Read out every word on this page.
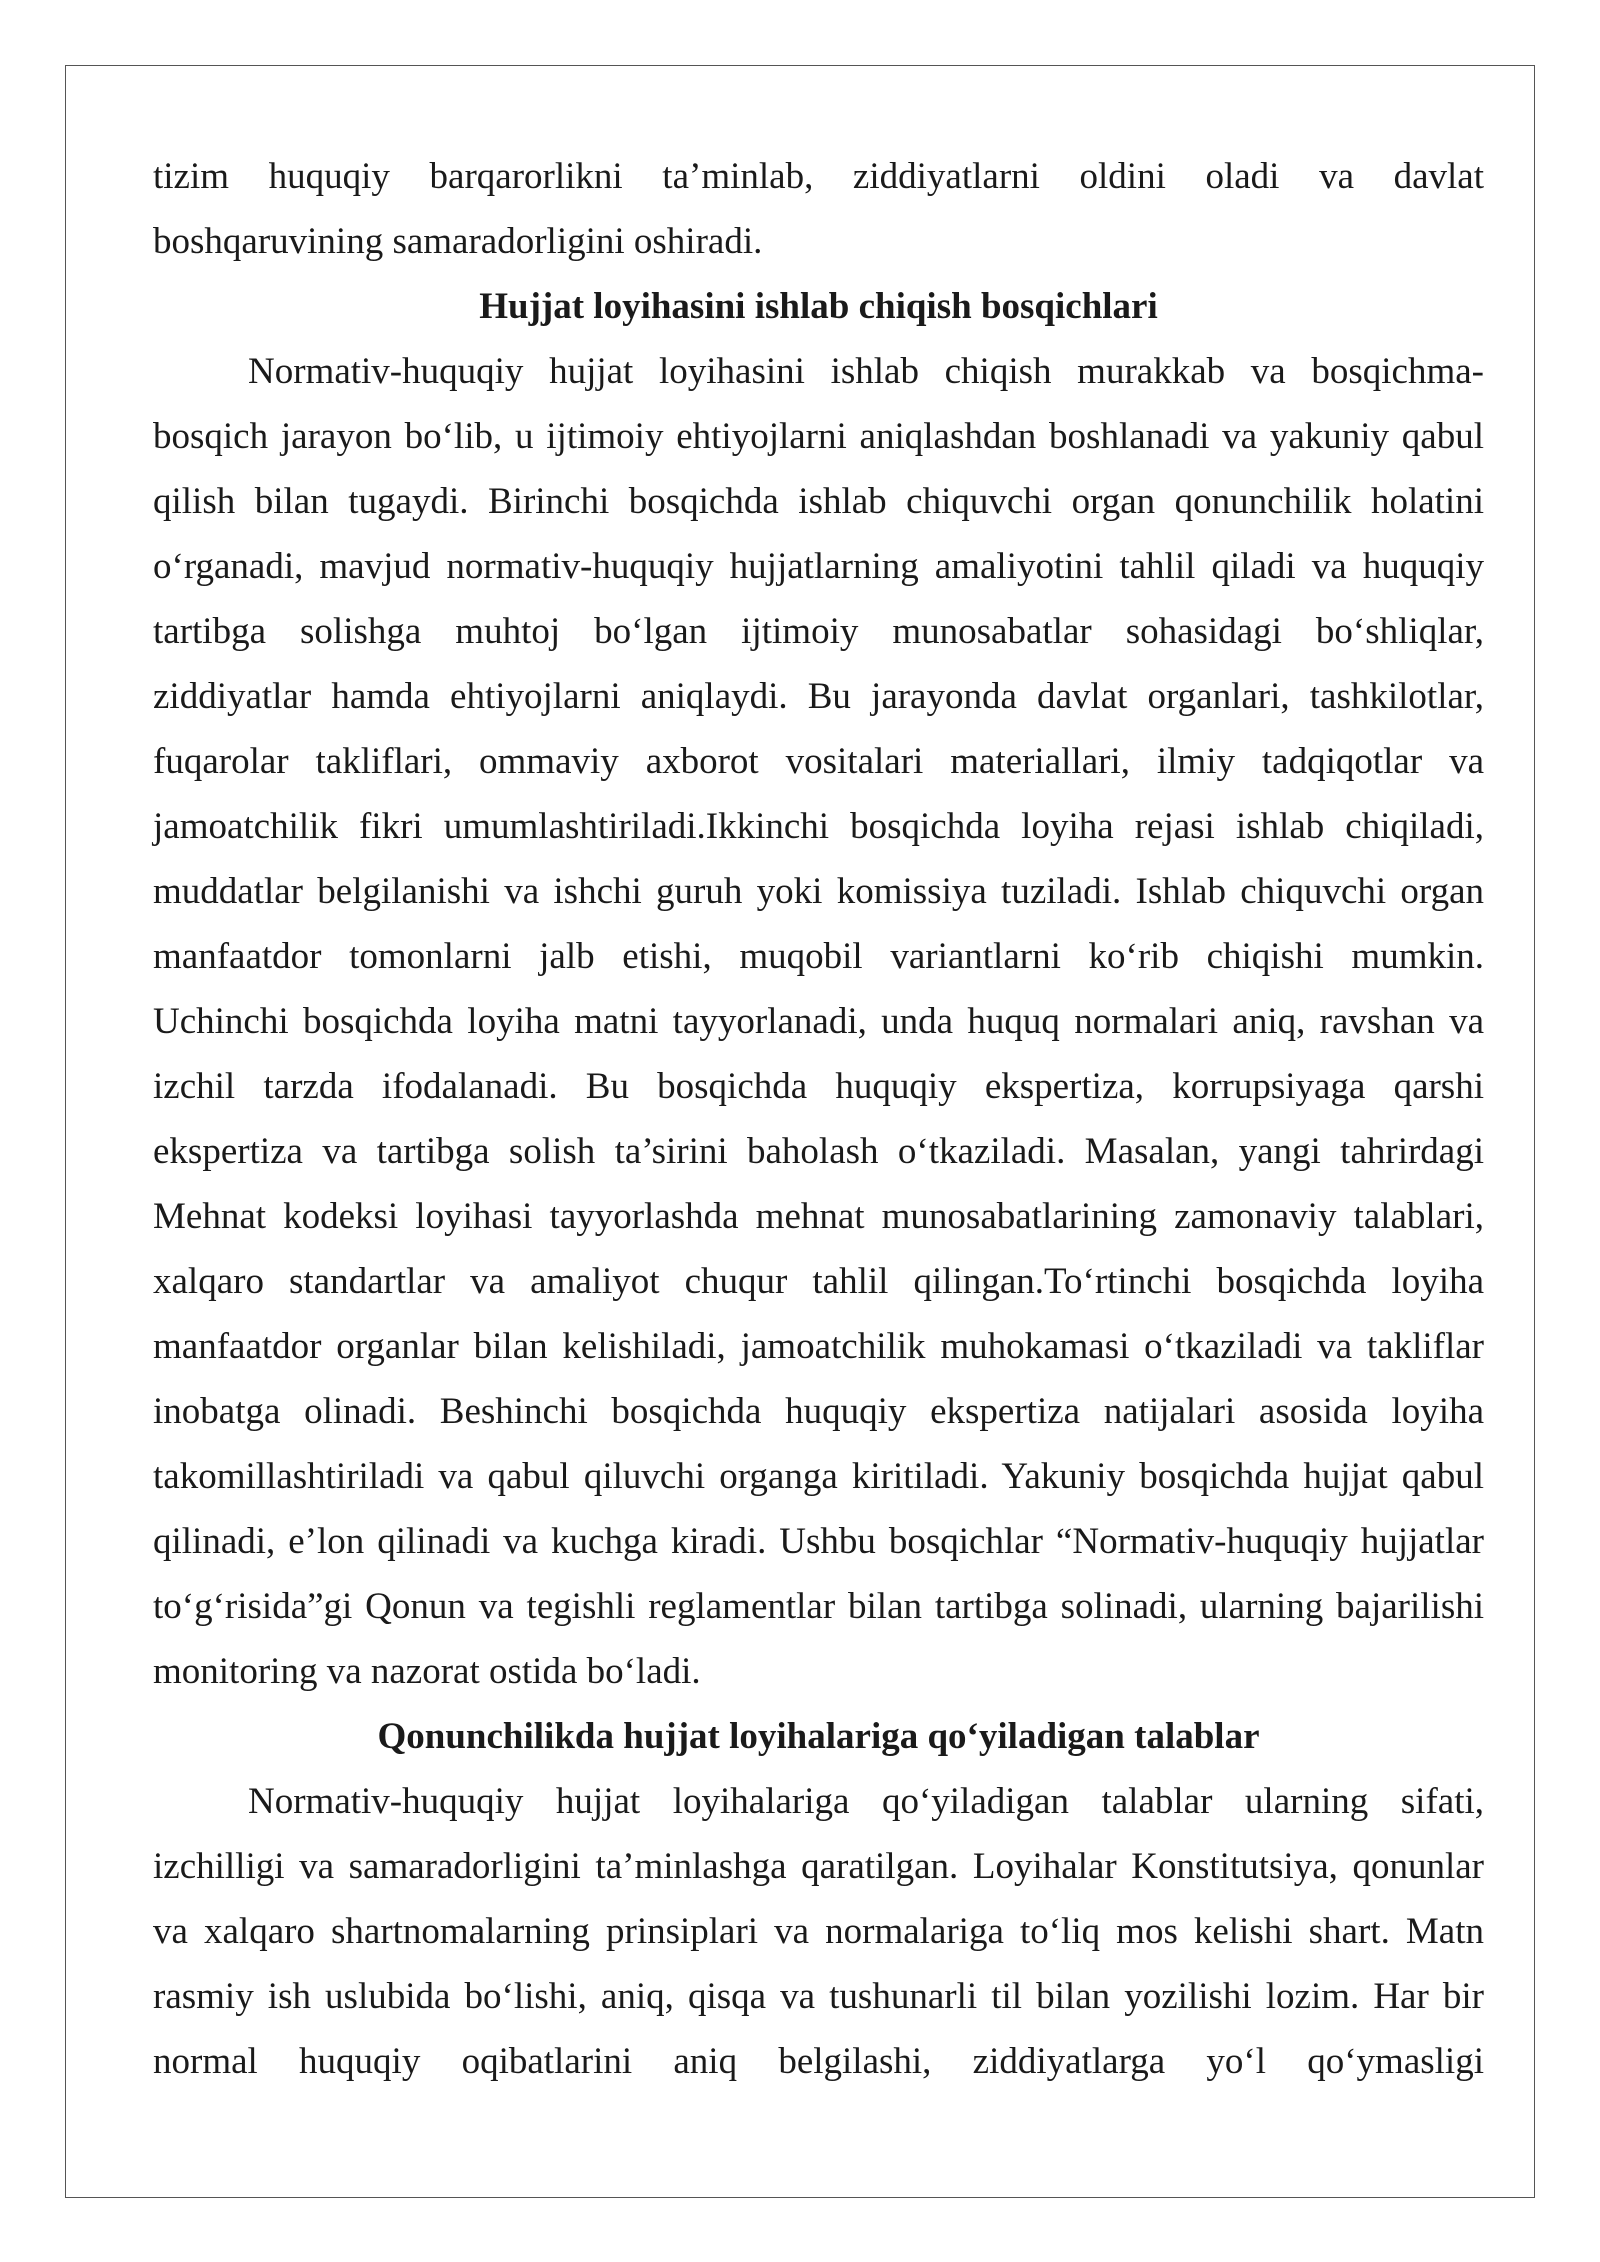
tizim huquqiy barqarorlikni ta’minlab, ziddiyatlarni oldini oladi va davlat
boshqaruvining samaradorligini oshiradi.
Hujjat loyihasini ishlab chiqish bosqichlari
Normativ-huquqiy hujjat loyihasini ishlab chiqish murakkab va bosqichma-
bosqich jarayon bo‘lib, u ijtimoiy ehtiyojlarni aniqlashdan boshlanadi va yakuniy qabul
qilish bilan tugaydi. Birinchi bosqichda ishlab chiquvchi organ qonunchilik holatini
o‘rganadi, mavjud normativ-huquqiy hujjatlarning amaliyotini tahlil qiladi va huquqiy
tartibga solishga muhtoj bo‘lgan ijtimoiy munosabatlar sohasidagi bo‘shliqlar,
ziddiyatlar hamda ehtiyojlarni aniqlaydi. Bu jarayonda davlat organlari, tashkilotlar,
fuqarolar takliflari, ommaviy axborot vositalari materiallari, ilmiy tadqiqotlar va
jamoatchilik fikri umumlashtiriladi.Ikkinchi bosqichda loyiha rejasi ishlab chiqiladi,
muddatlar belgilanishi va ishchi guruh yoki komissiya tuziladi. Ishlab chiquvchi organ
manfaatdor tomonlarni jalb etishi, muqobil variantlarni ko‘rib chiqishi mumkin.
Uchinchi bosqichda loyiha matni tayyorlanadi, unda huquq normalari aniq, ravshan va
izchil tarzda ifodalanadi. Bu bosqichda huquqiy ekspertiza, korrupsiyaga qarshi
ekspertiza va tartibga solish ta’sirini baholash o‘tkaziladi. Masalan, yangi tahrirdagi
Mehnat kodeksi loyihasi tayyorlashda mehnat munosabatlarining zamonaviy talablari,
xalqaro standartlar va amaliyot chuqur tahlil qilingan.To‘rtinchi bosqichda loyiha
manfaatdor organlar bilan kelishiladi, jamoatchilik muhokamasi o‘tkaziladi va takliflar
inobatga olinadi. Beshinchi bosqichda huquqiy ekspertiza natijalari asosida loyiha
takomillashtiriladi va qabul qiluvchi organga kiritiladi. Yakuniy bosqichda hujjat qabul
qilinadi, e’lon qilinadi va kuchga kiradi. Ushbu bosqichlar “Normativ-huquqiy hujjatlar
to‘g‘risida”gi Qonun va tegishli reglamentlar bilan tartibga solinadi, ularning bajarilishi
monitoring va nazorat ostida bo‘ladi.
Qonunchilikda hujjat loyihalariga qo‘yiladigan talablar
Normativ-huquqiy hujjat loyihalariga qo‘yiladigan talablar ularning sifati,
izchilligi va samaradorligini ta’minlashga qaratilgan. Loyihalar Konstitutsiya, qonunlar
va xalqaro shartnomalarning prinsiplari va normalariga to‘liq mos kelishi shart. Matn
rasmiy ish uslubida bo‘lishi, aniq, qisqa va tushunarli til bilan yozilishi lozim. Har bir
normal huquqiy oqibatlarini aniq belgilashi, ziddiyatlarga yo‘l qo‘ymasligi
